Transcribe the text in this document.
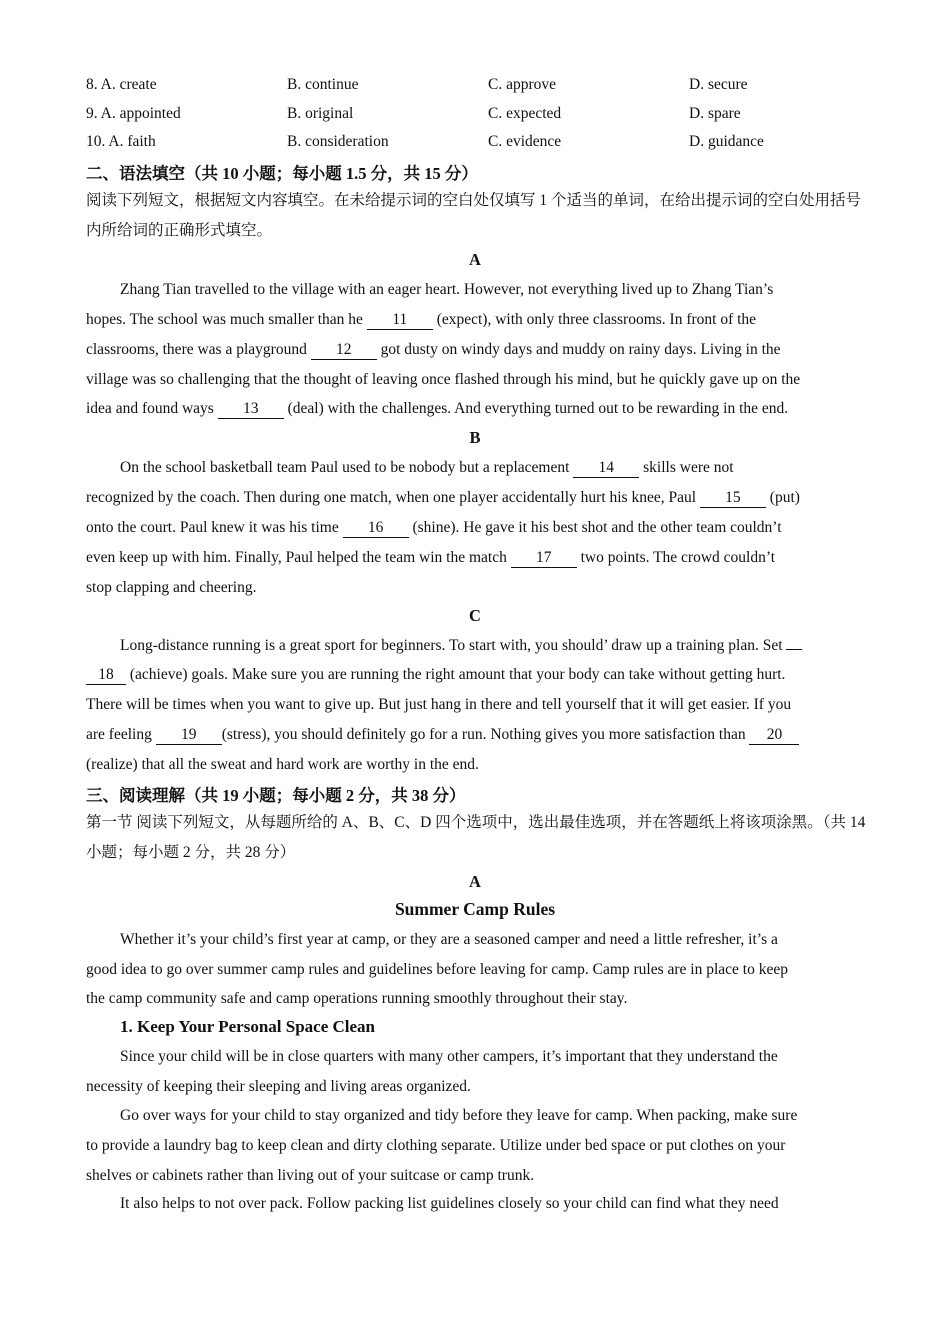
8. A. create	B. continue	C. approve	D. secure
9. A. appointed	B. original	C. expected	D. spare
10. A. faith	B. consideration	C. evidence	D. guidance
二、语法填空（共 10 小题；每小题 1.5 分，共 15 分）
阅读下列短文，根据短文内容填空。在未给提示词的空白处仅填写 1 个适当的单词，在给出提示词的空白处用括号内所给词的正确形式填空。
A
Zhang Tian travelled to the village with an eager heart. However, not everything lived up to Zhang Tian’s
hopes. The school was much smaller than he 11 (expect), with only three classrooms. In front of the
classrooms, there was a playground 12 got dusty on windy days and muddy on rainy days. Living in the
village was so challenging that the thought of leaving once flashed through his mind, but he quickly gave up on the
idea and found ways 13 (deal) with the challenges. And everything turned out to be rewarding in the end.
B
On the school basketball team Paul used to be nobody but a replacement 14 skills were not
recognized by the coach. Then during one match, when one player accidentally hurt his knee, Paul 15 (put)
onto the court. Paul knew it was his time 16 (shine). He gave it his best shot and the other team couldn’t
even keep up with him. Finally, Paul helped the team win the match 17 two points. The crowd couldn’t
stop clapping and cheering.
C
Long-distance running is a great sport for beginners. To start with, you should’ draw up a training plan. Set
18 (achieve) goals. Make sure you are running the right amount that your body can take without getting hurt.
There will be times when you want to give up. But just hang in there and tell yourself that it will get easier. If you
are feeling 19 (stress), you should definitely go for a run. Nothing gives you more satisfaction than 20
(realize) that all the sweat and hard work are worthy in the end.
三、阅读理解（共 19 小题；每小题 2 分，共 38 分）
第一节 阅读下列短文，从每题所给的 A、B、C、D 四个选项中，选出最佳选项，并在答题纸上将该项涂黑。（共 14 小题；每小题 2 分，共 28 分）
A
Summer Camp Rules
Whether it’s your child’s first year at camp, or they are a seasoned camper and need a little refresher, it’s a
good idea to go over summer camp rules and guidelines before leaving for camp. Camp rules are in place to keep
the camp community safe and camp operations running smoothly throughout their stay.
1. Keep Your Personal Space Clean
Since your child will be in close quarters with many other campers, it’s important that they understand the
necessity of keeping their sleeping and living areas organized.
Go over ways for your child to stay organized and tidy before they leave for camp. When packing, make sure
to provide a laundry bag to keep clean and dirty clothing separate. Utilize under bed space or put clothes on your
shelves or cabinets rather than living out of your suitcase or camp trunk.
It also helps to not over pack. Follow packing list guidelines closely so your child can find what they need
